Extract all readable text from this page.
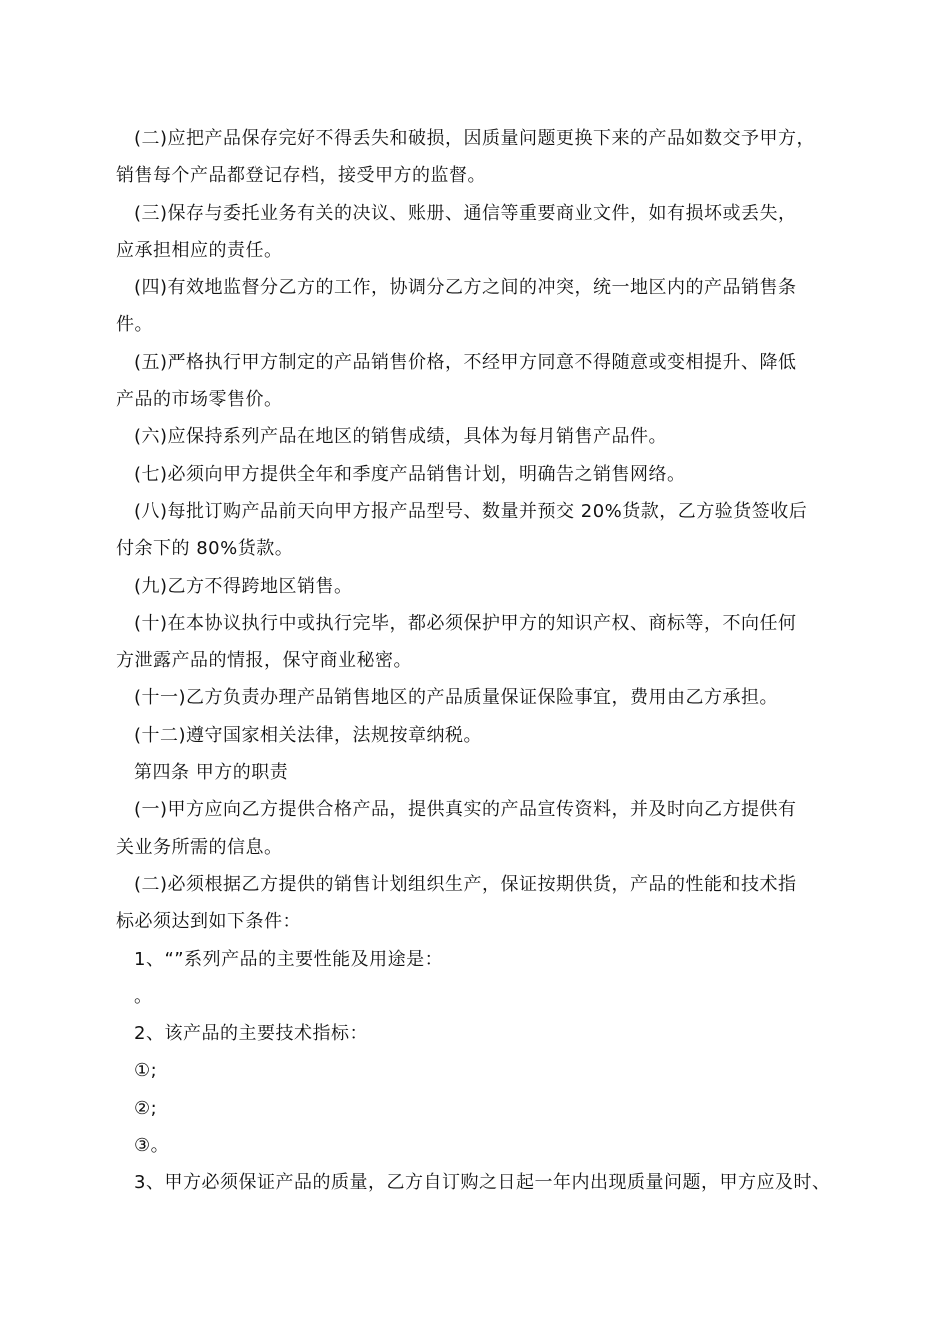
(二)应把产品保存完好不得丢失和破损，因质量问题更换下来的产品如数交予甲方，
销售每个产品都登记存档，接受甲方的监督。
(三)保存与委托业务有关的决议、账册、通信等重要商业文件，如有损坏或丢失，
应承担相应的责任。
(四)有效地监督分乙方的工作，协调分乙方之间的冲突，统一地区内的产品销售条
件。
(五)严格执行甲方制定的产品销售价格，不经甲方同意不得随意或变相提升、降低
产品的市场零售价。
(六)应保持系列产品在地区的销售成绩，具体为每月销售产品件。
(七)必须向甲方提供全年和季度产品销售计划，明确告之销售网络。
(八)每批订购产品前天向甲方报产品型号、数量并预交 20%货款，乙方验货签收后
付余下的 80%货款。
(九)乙方不得跨地区销售。
(十)在本协议执行中或执行完毕，都必须保护甲方的知识产权、商标等，不向任何
方泄露产品的情报，保守商业秘密。
(十一)乙方负责办理产品销售地区的产品质量保证保险事宜，费用由乙方承担。
(十二)遵守国家相关法律，法规按章纳税。
第四条 甲方的职责
(一)甲方应向乙方提供合格产品，提供真实的产品宣传资料，并及时向乙方提供有
关业务所需的信息。
(二)必须根据乙方提供的销售计划组织生产，保证按期供货，产品的性能和技术指
标必须达到如下条件：
1、“”系列产品的主要性能及用途是：
。
2、该产品的主要技术指标：
①;
②;
③。
3、甲方必须保证产品的质量，乙方自订购之日起一年内出现质量问题，甲方应及时、
